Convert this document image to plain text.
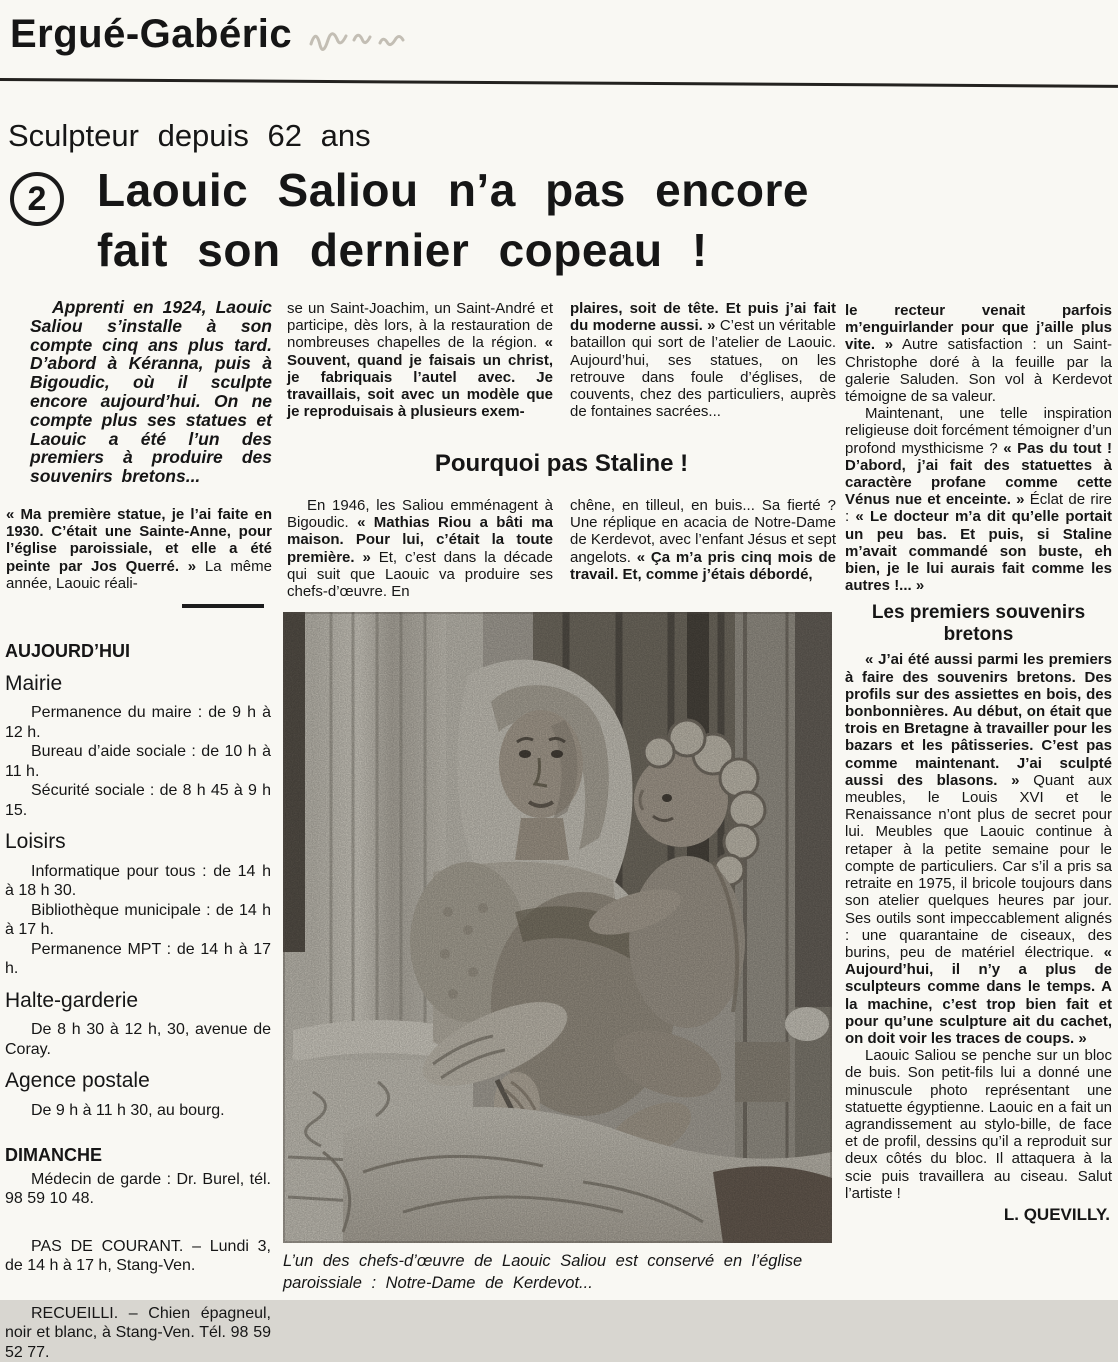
Ergué-Gabéric

Sculpteur depuis 62 ans

2 Laouic Saliou n’a pas encore
fait son dernier copeau !

Apprenti en 1924, Laouic Saliou s’installe à son compte cinq ans plus tard. D’abord à Kéranna, puis à Bigoudic, où il sculpte encore aujourd’hui. On ne compte plus ses statues et Laouic a été l’un des premiers à produire des souvenirs bretons...

« Ma première statue, je l’ai faite en 1930. C’était une Sainte-Anne, pour l’église paroissiale, et elle a été peinte par Jos Querré. » La même année, Laouic réali-

se un Saint-Joachim, un Saint-André et participe, dès lors, à la restauration de nombreuses chapelles de la région. « Souvent, quand je faisais un christ, je fabriquais l’autel avec. Je travaillais, soit avec un modèle que je reproduisais à plusieurs exem-

plaires, soit de tête. Et puis j’ai fait du moderne aussi. » C’est un véritable bataillon qui sort de l’atelier de Laouic. Aujourd’hui, ses statues, on les retrouve dans foule d’églises, de couvents, chez des particuliers, auprès de fontaines sacrées...

Pourquoi pas Staline !

En 1946, les Saliou emménagent à Bigoudic. « Mathias Riou a bâti ma maison. Pour lui, c’était la toute première. » Et, c’est dans la décade qui suit que Laouic va produire ses chefs-d’œuvre. En

chêne, en tilleul, en buis... Sa fierté ? Une réplique en acacia de Notre-Dame de Kerdevot, avec l’enfant Jésus et sept angelots. « Ça m’a pris cinq mois de travail. Et, comme j’étais débordé,

L’un des chefs-d’œuvre de Laouic Saliou est conservé en l’église paroissiale : Notre-Dame de Kerdevot...
AUJOURD’HUI
Mairie

Permanence du maire : de 9 h à 12 h.

Bureau d’aide sociale : de 10 h à 11 h.

Sécurité sociale : de 8 h 45 à 9 h 15.

Loisirs

Informatique pour tous : de 14 h à 18 h 30.

Bibliothèque municipale : de 14 h à 17 h.

Permanence MPT : de 14 h à 17 h.

Halte-garderie

De 8 h 30 à 12 h, 30, avenue de Coray.

Agence postale

De 9 h à 11 h 30, au bourg.

DIMANCHE

Médecin de garde : Dr. Burel, tél. 98 59 10 48.

PAS DE COURANT. – Lundi 3, de 14 h à 17 h, Stang-Ven.

RECUEILLI. – Chien épagneul, noir et blanc, à Stang-Ven. Tél. 98 59 52 77.

le recteur venait parfois m’enguirlander pour que j’aille plus vite. » Autre satisfaction : un Saint-Christophe doré à la feuille par la galerie Saluden. Son vol à Kerdevot témoigne de sa valeur.

Maintenant, une telle inspiration religieuse doit forcément témoigner d’un profond mysthicisme ? « Pas du tout ! D’abord, j’ai fait des statuettes à caractère profane comme cette Vénus nue et enceinte. » Éclat de rire : « Le docteur m’a dit qu’elle portait un peu bas. Et puis, si Staline m’avait commandé son buste, eh bien, je le lui aurais fait comme les autres !... »

Les premiers souvenirs bretons

« J’ai été aussi parmi les premiers à faire des souvenirs bretons. Des profils sur des assiettes en bois, des bonbonnières. Au début, on était que trois en Bretagne à travailler pour les bazars et les pâtisseries. C’est pas comme maintenant. J’ai sculpté aussi des blasons. » Quant aux meubles, le Louis XVI et le Renaissance n’ont plus de secret pour lui. Meubles que Laouic continue à retaper à la petite semaine pour le compte de particuliers. Car s’il a pris sa retraite en 1975, il bricole toujours dans son atelier quelques heures par jour. Ses outils sont impeccablement alignés : une quarantaine de ciseaux, des burins, peu de matériel électrique. « Aujourd’hui, il n’y a plus de sculpteurs comme dans le temps. A la machine, c’est trop bien fait et pour qu’une sculpture ait du cachet, on doit voir les traces de coups. »

Laouic Saliou se penche sur un bloc de buis. Son petit-fils lui a donné une minuscule photo représentant une statuette égyptienne. Laouic en a fait un agrandissement au stylo-bille, de face et de profil, dessins qu’il a reproduit sur deux côtés du bloc. Il attaquera à la scie puis travaillera au ciseau. Salut l’artiste !

L. QUEVILLY.
